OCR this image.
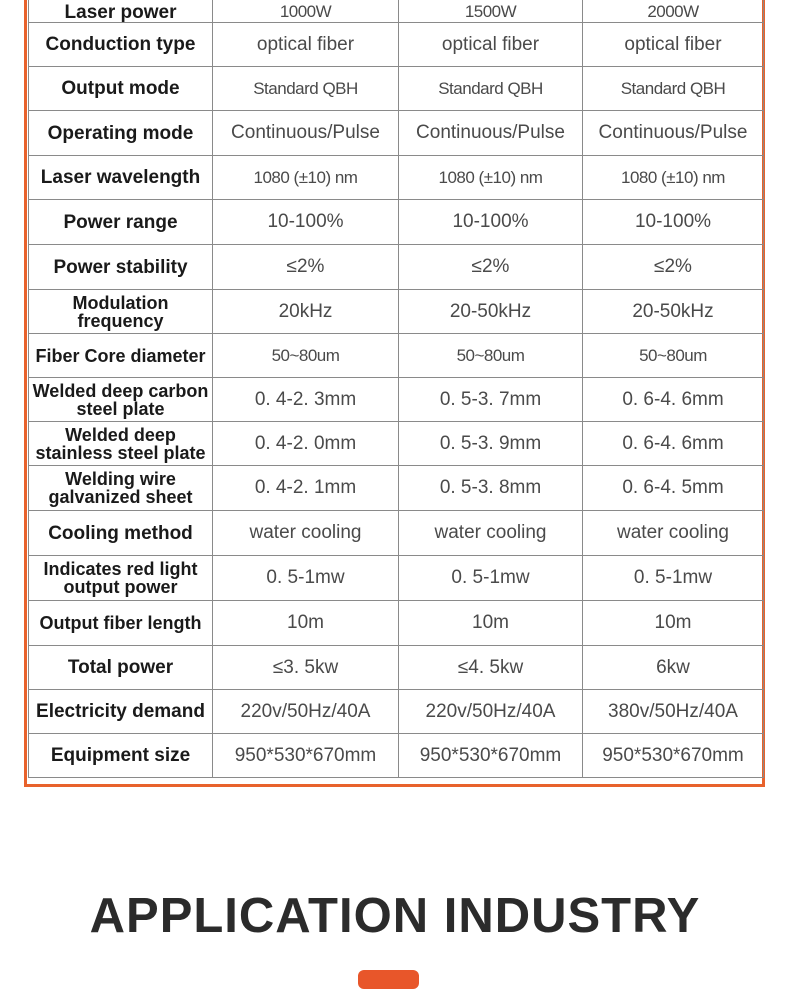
Laser power	1000W	1500W	2000W
Conduction type	optical fiber	optical fiber	optical fiber
Output mode	Standard QBH	Standard QBH	Standard QBH
Operating mode	Continuous/Pulse	Continuous/Pulse	Continuous/Pulse
Laser wavelength	1080 (±10) nm	1080 (±10) nm	1080 (±10) nm
Power range	10-100%	10-100%	10-100%
Power stability	≤2%	≤2%	≤2%
Modulation frequency	20kHz	20-50kHz	20-50kHz
Fiber Core diameter	50~80um	50~80um	50~80um
Welded deep carbon steel plate	0. 4-2. 3mm	0. 5-3. 7mm	0. 6-4. 6mm
Welded deep stainless steel plate	0. 4-2. 0mm	0. 5-3. 9mm	0. 6-4. 6mm
Welding wire galvanized sheet	0. 4-2. 1mm	0. 5-3. 8mm	0. 6-4. 5mm
Cooling method	water cooling	water cooling	water cooling
Indicates red light output power	0. 5-1mw	0. 5-1mw	0. 5-1mw
Output fiber length	10m	10m	10m
Total power	≤3. 5kw	≤4. 5kw	6kw
Electricity demand	220v/50Hz/40A	220v/50Hz/40A	380v/50Hz/40A
Equipment size	950*530*670mm	950*530*670mm	950*530*670mm
APPLICATION INDUSTRY
